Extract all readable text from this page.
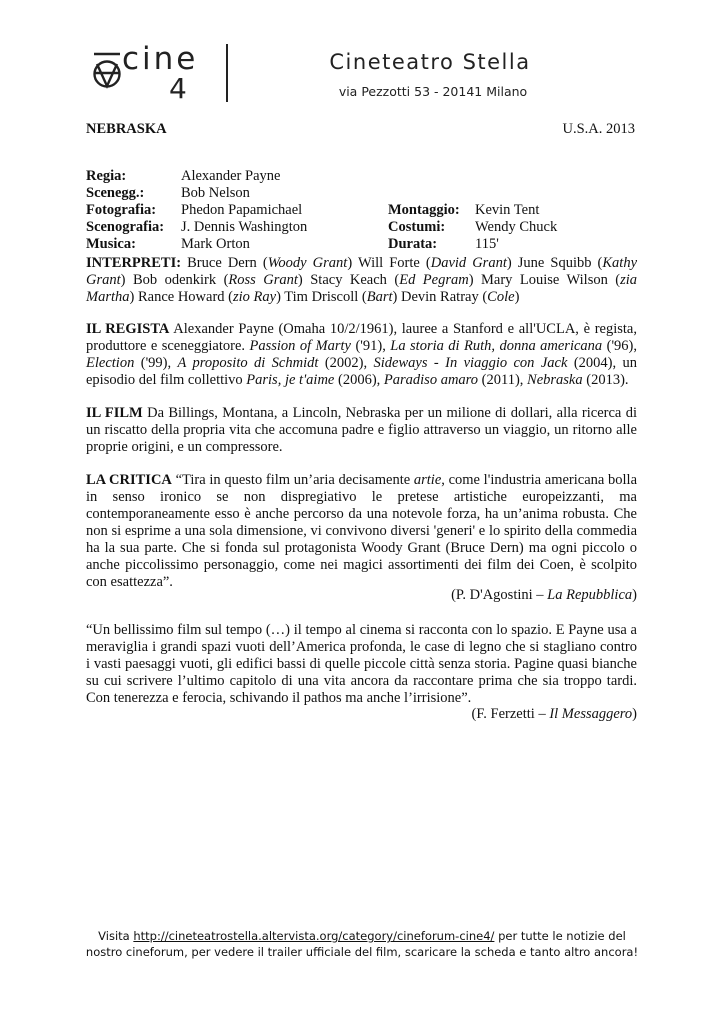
cine
4
Cineteatro Stella
via Pezzotti 53 - 20141 Milano
NEBRASKA	U.S.A. 2013
Regia:	Alexander Payne
Scenegg.:	Bob Nelson
Fotografia: Phedon Papamichael	Montaggio: Kevin Tent
Scenografia: J. Dennis Washington	Costumi: Wendy Chuck
Musica:	Mark Orton	Durata:	115'
INTERPRETI: Bruce Dern (Woody Grant) Will Forte (David Grant) June Squibb (Kathy Grant) Bob odenkirk (Ross Grant) Stacy Keach (Ed Pegram) Mary Louise Wilson (zia Martha) Rance Howard (zio Ray) Tim Driscoll (Bart) Devin Ratray (Cole)
IL REGISTA Alexander Payne (Omaha 10/2/1961), lauree a Stanford e all'UCLA, è regista, produttore e sceneggiatore. Passion of Marty ('91), La storia di Ruth, donna americana ('96), Election ('99), A proposito di Schmidt (2002), Sideways - In viaggio con Jack (2004), un episodio del film collettivo Paris, je t'aime (2006), Paradiso amaro (2011), Nebraska (2013).
IL FILM Da Billings, Montana, a Lincoln, Nebraska per un milione di dollari, alla ricerca di un riscatto della propria vita che accomuna padre e figlio attraverso un viaggio, un ritorno alle proprie origini, e un compressore.
LA CRITICA “Tira in questo film un’aria decisamente artie, come l'industria americana bolla in senso ironico se non dispregiativo le pretese artistiche europeizzanti, ma contemporaneamente esso è anche percorso da una notevole forza, ha un’anima robusta. Che non si esprime a una sola dimensione, vi convivono diversi 'generi' e lo spirito della commedia ha la sua parte. Che si fonda sul protagonista Woody Grant (Bruce Dern) ma ogni piccolo o anche piccolissimo personaggio, come nei magici assortimenti dei film dei Coen, è scolpito con esattezza”.
(P. D'Agostini – La Repubblica)
“Un bellissimo film sul tempo (…) il tempo al cinema si racconta con lo spazio. E Payne usa a meraviglia i grandi spazi vuoti dell’America profonda, le case di legno che si stagliano contro i vasti paesaggi vuoti, gli edifici bassi di quelle piccole città senza storia. Pagine quasi bianche su cui scrivere l’ultimo capitolo di una vita ancora da raccontare prima che sia troppo tardi. Con tenerezza e ferocia, schivando il pathos ma anche l’irrisione”.
(F. Ferzetti – Il Messaggero)
Visita http://cineteatrostella.altervista.org/category/cineforum-cine4/ per tutte le notizie del
nostro cineforum, per vedere il trailer ufficiale del film, scaricare la scheda e tanto altro ancora!
